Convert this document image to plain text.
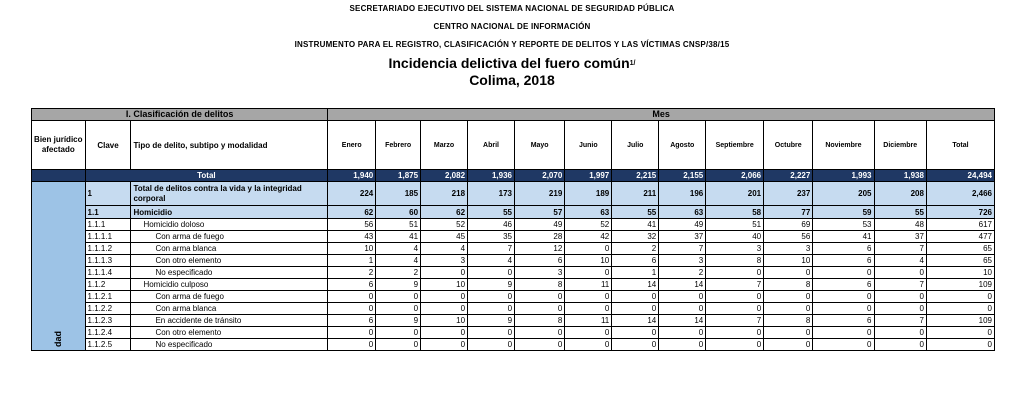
SECRETARIADO EJECUTIVO DEL SISTEMA NACIONAL DE SEGURIDAD PÚBLICA
CENTRO NACIONAL DE INFORMACIÓN
INSTRUMENTO PARA EL REGISTRO, CLASIFICACIÓN Y REPORTE DE DELITOS Y LAS VÍCTIMAS CNSP/38/15
Incidencia delictiva del fuero común$^{1/}$
Colima, 2018
I. Clasificación de delitos			Mes												
Bien jurídico afectado	Clave	Tipo de delito, subtipo y modalidad	Enero	Febrero	Marzo	Abril	Mayo	Junio	Julio	Agosto	Septiembre	Octubre	Noviembre	Diciembre	Total
	Total		1,940	1,875	2,082	1,936	2,070	1,997	2,215	2,155	2,066	2,227	1,993	1,938	24,494
dad	1	Total de delitos contra la vida y la integridad corporal	224	185	218	173	219	189	211	196	201	237	205	208	2,466
	1.1	Homicidio	62	60	62	55	57	63	55	63	58	77	59	55	726
	1.1.1	Homicidio doloso	56	51	52	46	49	52	41	49	51	69	53	48	617
	1.1.1.1	Con arma de fuego	43	41	45	35	28	42	32	37	40	56	41	37	477
	1.1.1.2	Con arma blanca	10	4	4	7	12	0	2	7	3	3	6	7	65
	1.1.1.3	Con otro elemento	1	4	3	4	6	10	6	3	8	10	6	4	65
	1.1.1.4	No especificado	2	2	0	0	3	0	1	2	0	0	0	0	10
	1.1.2	Homicidio culposo	6	9	10	9	8	11	14	14	7	8	6	7	109
	1.1.2.1	Con arma de fuego	0	0	0	0	0	0	0	0	0	0	0	0	0
	1.1.2.2	Con arma blanca	0	0	0	0	0	0	0	0	0	0	0	0	0
	1.1.2.3	En accidente de tránsito	6	9	10	9	8	11	14	14	7	8	6	7	109
	1.1.2.4	Con otro elemento	0	0	0	0	0	0	0	0	0	0	0	0	0
	1.1.2.5	No especificado	0	0	0	0	0	0	0	0	0	0	0	0	0
